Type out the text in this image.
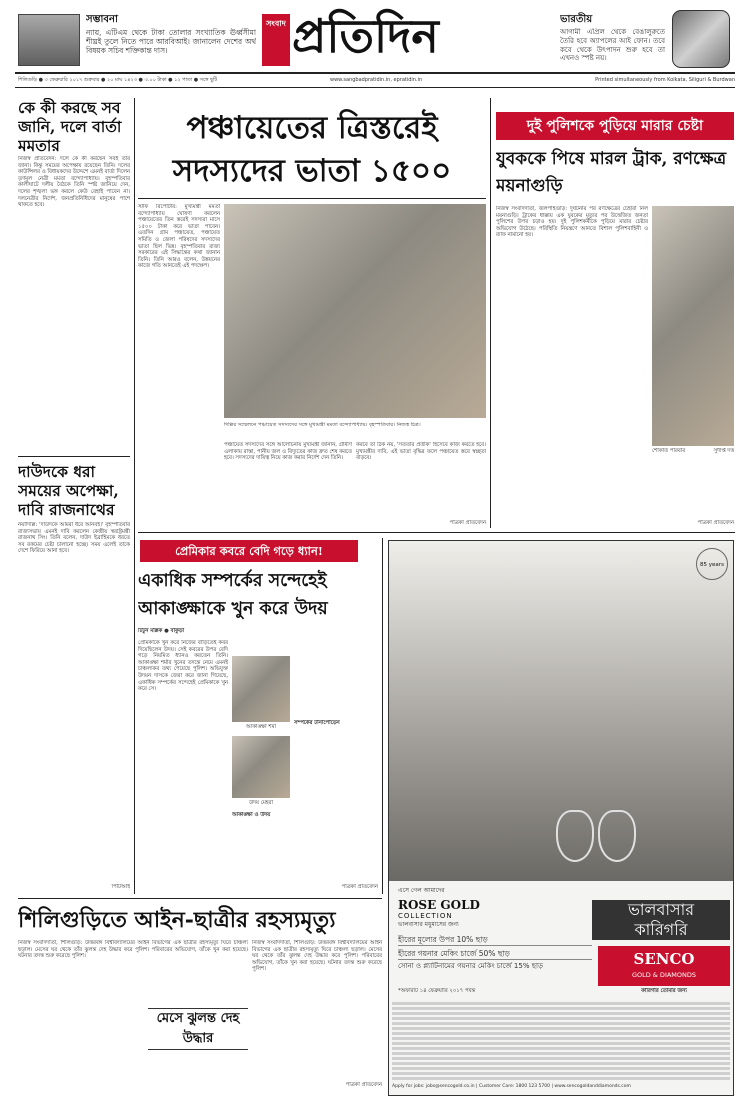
সম্ভাবনা
ন্যায়, এটিএম থেকে টাকা তোলার সংখ্যাতিক ঊর্ধ্বসীমা শীঘ্রই তুলে নিতে পারে আরবিআই। জানালেন দেশের অর্থ বিষয়ক সচিব শক্তিকান্ত দাস।
সংবাদ প্রতিদিন	ভারতীয়
আগামী এপ্রিল থেকে বেঙালুরুতে তৈরি হবে অ্যাপলের আই ফোন। তবে কবে থেকে উৎপাদন শুরু হবে তা এখনও স্পষ্ট নয়।
শিলিগুড়ি ● ৩ ফেব্রুয়ারি ২০১৭ শুক্রবার ● ২০ মাঘ ১৪২৩ ● ৩.০০ টাকা ● ১২ পাতা ● সঙ্গে ছুটি	www.sangbadpratidin.in, epratidin.in	Printed simultaneously from Kolkata, Siliguri & Burdwan
কে কী করছে সব জানি, দলে বার্তা মমতার
নিজস্ব প্রতিবেদন: দলে কে কী করছেন সবই তাঁর জানা। কিন্তু সময়ের অপেক্ষায় রয়েছেন তিনি। দলের কাউন্সিলর ও বিধায়কদের উদ্দেশে এমনই বার্তা দিলেন তৃণমূল নেত্রী মমতা বন্দ্যোপাধ্যায়। বৃহস্পতিবার কালীঘাটে দলীয় বৈঠকে তিনি স্পষ্ট জানিয়ে দেন, দলের শৃঙ্খলা ভঙ্গ করলে কেউ রেহাই পাবেন না। দলনেত্রীর নির্দেশ, জনপ্রতিনিধিদের মানুষের পাশে থাকতে হবে।
দাউদকে ধরা সময়ের অপেক্ষা, দাবি রাজনাথের
নয়াদিল্লি: 'দাউদকে আমরা ধরে আনবই।' বৃহস্পতিবার রাজ্যসভায় এমনই দাবি করলেন কেন্দ্রীয় স্বরাষ্ট্রমন্ত্রী রাজনাথ সিং। তিনি বলেন, দাউদ ইব্রাহিমকে ধরতে সব রকমের চেষ্টা চালানো হচ্ছে। সময় এলেই তাকে দেশে ফিরিয়ে আনা হবে।
পিটিআই
পঞ্চায়েতের ত্রিস্তরেই
সদস্যদের ভাতা ১৫০০
স্টাফ রিপোর্টার: মুখ্যমন্ত্রী মমতা বন্দ্যোপাধ্যায় ঘোষণা করলেন পঞ্চায়েতের তিন স্তরেই সদস্যরা মাসে ১৫০০ টাকা করে ভাতা পাবেন। এতদিন গ্রাম পঞ্চায়েত, পঞ্চায়েত সমিতি ও জেলা পরিষদের সদস্যদের ভাতা ছিল ভিন্ন। বৃহস্পতিবার রাজ্য সরকারের এই সিদ্ধান্তের কথা জানান তিনি। তিনি আরও বলেন, উন্নয়নের কাজে গতি আনতেই এই পদক্ষেপ।
দিল্লির সম্মেলনে পঞ্চায়েত সদস্যদের সঙ্গে মুখ্যমন্ত্রী মমতা বন্দ্যোপাধ্যায়। বৃহস্পতিবার। নিজস্ব চিত্র।
পঞ্চায়েত সদস্যদের সঙ্গে আলোচনায় মুখ্যমন্ত্রী জানান, গ্রামীণ এলাকায় রাস্তা, পানীয় জল ও বিদ্যুতের কাজ দ্রুত শেষ করতে হবে। সদস্যদের দায়িত্ব নিয়ে কাজ করার নির্দেশ দেন তিনি।
করবে তা ঠিক নয়, 'সততার প্রতীক' হিসেবে কাজ করতে হবে। মুখ্যমন্ত্রীর দাবি, এই ভাতা বৃদ্ধির ফলে পঞ্চায়েত স্তরে স্বচ্ছতা বাড়বে।
পত্রিকা প্রতিবেদন
দুই পুলিশকে পুড়িয়ে মারার চেষ্টা
যুবককে পিষে মারল ট্রাক, রণক্ষেত্র ময়নাগুড়ি
নিজস্ব সংবাদদাতা, জলপাইগুড়ি: দুর্ঘটনার পর রণক্ষেত্রের চেহারা নিল ময়নাগুড়ি। ট্রাকের ধাক্কায় এক যুবকের মৃত্যুর পর উত্তেজিত জনতা পুলিশের উপর চড়াও হয়। দুই পুলিশকর্মীকে পুড়িয়ে মারার চেষ্টার অভিযোগ উঠেছে। পরিস্থিতি নিয়ন্ত্রণে আনতে বিশাল পুলিশবাহিনী ও র‍্যাফ নামানো হয়।
শোকার্ত পরিবার	সুদীপ্ত দত্ত
পত্রিকা প্রতিবেদন
প্রেমিকার কবরে বেদি গড়ে ধ্যান!
একাধিক সম্পর্কের সন্দেহেই
আকাঙ্ক্ষাকে খুন করে উদয়
টিটুন মল্লিক ● বাঁকুড়া
প্রেমিকাকে খুন করে নিজের বাড়িতেই কবর দিয়েছিলেন উদয়। সেই কবরের উপর বেদি গড়ে নিয়মিত ধ্যানও করতেন তিনি। আকাঙ্ক্ষা শর্মার খুনের তদন্তে নেমে এমনই চাঞ্চল্যকর তথ্য পেয়েছে পুলিশ। অভিযুক্ত উদয়ন দাসকে জেরা করে জানা গিয়েছে, একাধিক সম্পর্কের সন্দেহেই প্রেমিকাকে খুন করে সে।
আকাঙ্ক্ষা শর্মা
উদয় মেহরা
সম্পর্কের টানাপোড়েন
আকাঙ্ক্ষা ও উদয়
পত্রিকা প্রতিবেদন
85 years
ভালবাসার
কারিগরি
এসে গেল আমাদের
ROSE GOLD
COLLECTION
ভালবাসার মধুমাসের জন্য
হীরের মূল্যের উপর 10% ছাড়
হীরের গয়নার মেকিং চার্জে 50% ছাড়
সোনা ও প্ল্যাটিনামের গয়নার মেকিং চার্জে 15% ছাড়	SENCO
GOLD & DIAMONDS
কারিগরি তোমার জন্য
*অফারটি ১৪ ফেব্রুয়ারি ২০১৭ পর্যন্ত
Apply for jobs: jobs@sencogold.co.in | Customer Care: 1800 123 5700 | www.sencogoldanddiamonds.com
শিলিগুড়িতে আইন-ছাত্রীর রহস্যমৃত্যু
নিজস্ব সংবাদদাতা, শিলিগুড়ি: উত্তরবঙ্গ বিশ্ববিদ্যালয়ের আইন বিভাগের এক ছাত্রীর রহস্যমৃত্যু ঘিরে চাঞ্চল্য ছড়াল। মেসের ঘর থেকে তাঁর ঝুলন্ত দেহ উদ্ধার করে পুলিশ। পরিবারের অভিযোগ, তাঁকে খুন করা হয়েছে। ঘটনার তদন্ত শুরু করেছে পুলিশ।
মেসে ঝুলন্ত দেহ উদ্ধার
নিজস্ব সংবাদদাতা, শিলিগুড়ি: উত্তরবঙ্গ বিশ্ববিদ্যালয়ের আইন বিভাগের এক ছাত্রীর রহস্যমৃত্যু ঘিরে চাঞ্চল্য ছড়াল। মেসের ঘর থেকে তাঁর ঝুলন্ত দেহ উদ্ধার করে পুলিশ। পরিবারের অভিযোগ, তাঁকে খুন করা হয়েছে। ঘটনার তদন্ত শুরু করেছে পুলিশ।
পত্রিকা প্রতিবেদন
